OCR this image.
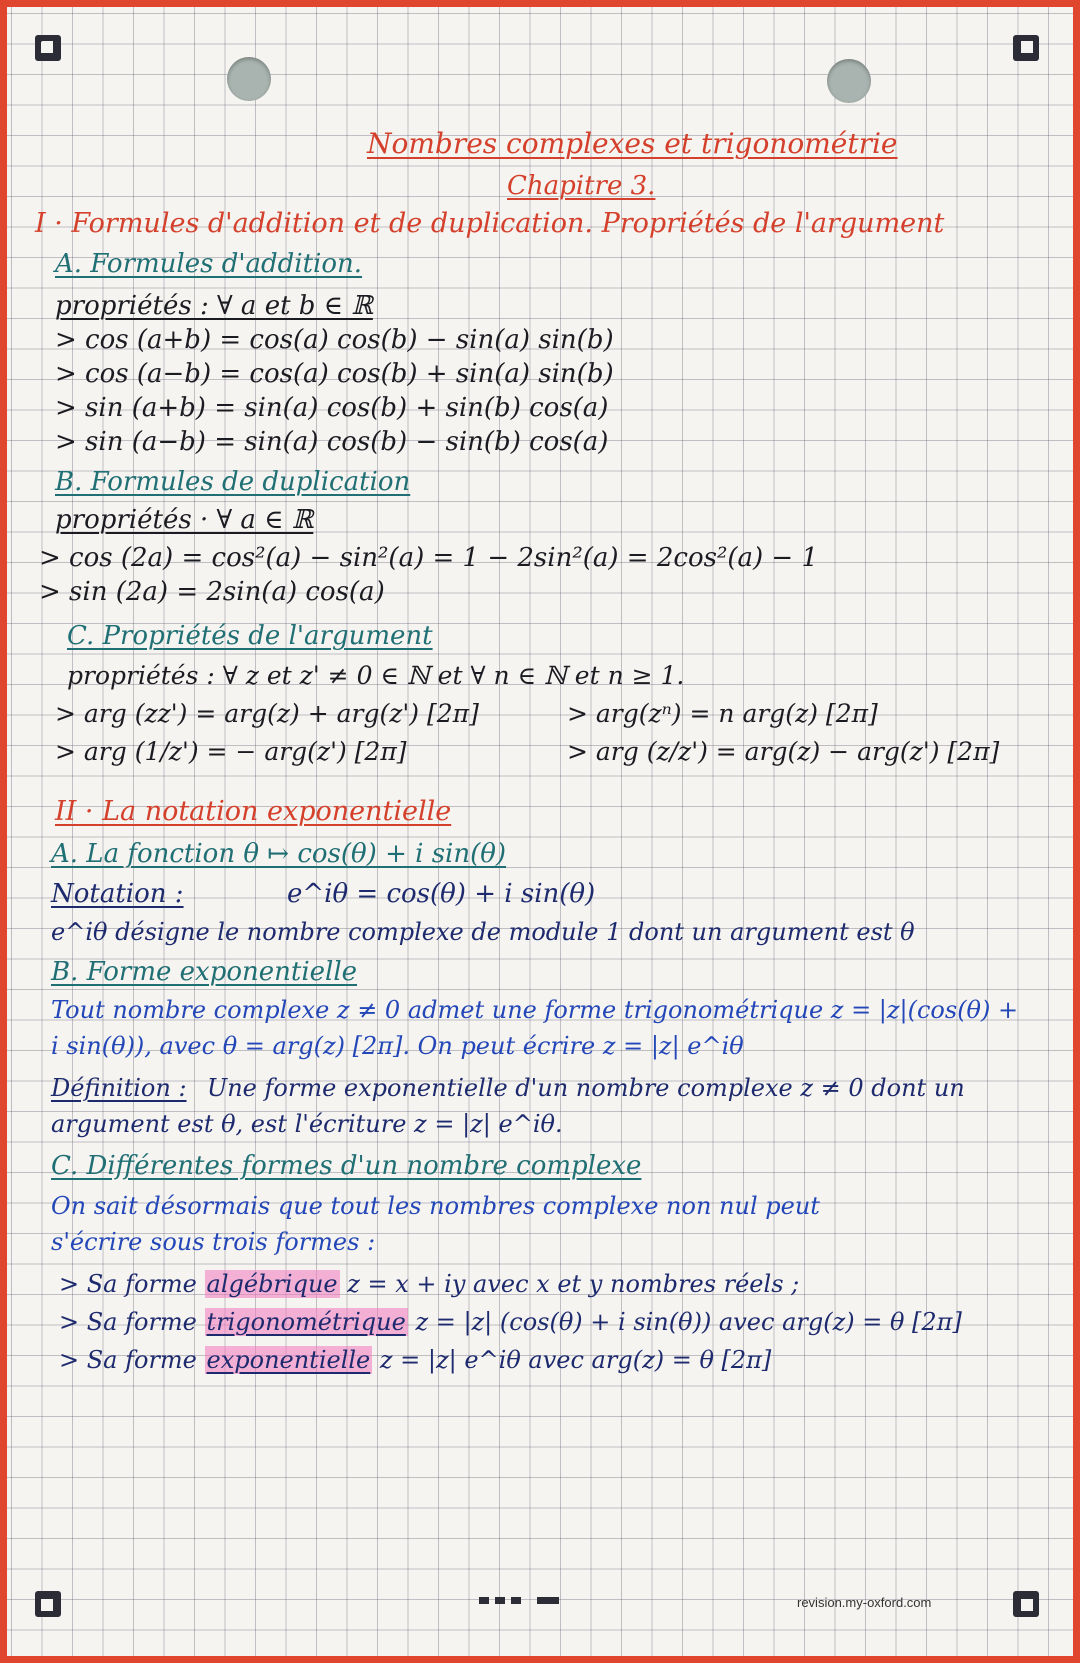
Nombres complexes et trigonométrie
Chapitre 3.
I · Formules d'addition et de duplication. Propriétés de l'argument
A. Formules d'addition.
propriétés : ∀ a et b ∈ ℝ
> cos (a+b) = cos(a) cos(b) − sin(a) sin(b)
> cos (a−b) = cos(a) cos(b) + sin(a) sin(b)
> sin (a+b) = sin(a) cos(b) + sin(b) cos(a)
> sin (a−b) = sin(a) cos(b) − sin(b) cos(a)
B. Formules de duplication
propriétés · ∀ a ∈ ℝ
> cos (2a) = cos²(a) − sin²(a) = 1 − 2sin²(a) = 2cos²(a) − 1
> sin (2a) = 2sin(a) cos(a)
C. Propriétés de l'argument
propriétés : ∀ z et z' ≠ 0 ∈ ℕ et ∀ n ∈ ℕ et n ≥ 1.
> arg (zz') = arg(z) + arg(z') [2π]
> arg (1/z') = − arg(z') [2π]
> arg(zⁿ) = n arg(z) [2π]
> arg (z/z') = arg(z) − arg(z') [2π]
II · La notation exponentielle
A. La fonction θ ↦ cos(θ) + i sin(θ)
Notation :	e^iθ = cos(θ) + i sin(θ)
e^iθ désigne le nombre complexe de module 1 dont un argument est θ
B. Forme exponentielle
Tout nombre complexe z ≠ 0 admet une forme trigonométrique z = |z|(cos(θ) +
i sin(θ)), avec θ = arg(z) [2π]. On peut écrire z = |z| e^iθ
Définition : Une forme exponentielle d'un nombre complexe z ≠ 0 dont un
argument est θ, est l'écriture z = |z| e^iθ.
C. Différentes formes d'un nombre complexe
On sait désormais que tout les nombres complexe non nul peut
s'écrire sous trois formes :
> Sa forme algébrique z = x + iy avec x et y nombres réels ;
> Sa forme trigonométrique z = |z| (cos(θ) + i sin(θ)) avec arg(z) = θ [2π]
> Sa forme exponentielle z = |z| e^iθ avec arg(z) = θ [2π]
revision.my-oxford.com
